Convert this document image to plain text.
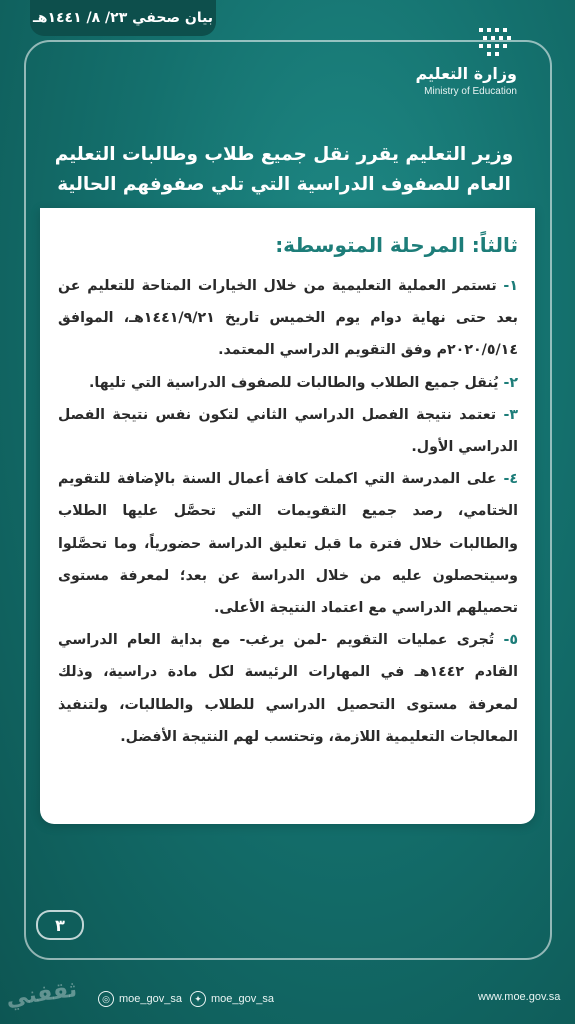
بيان صحفي ٢٣/ ٨/ ١٤٤١هـ
وزارة التعليم
Ministry of Education
وزير التعليم يقرر نقل جميع طلاب وطالبات التعليم
العام للصفوف الدراسية التي تلي صفوفهم الحالية
ثالثاً: المرحلة المتوسطة:
١- تستمر العملية التعليمية من خلال الخيارات المتاحة للتعليم عن بعد حتى نهاية دوام يوم الخميس تاريخ ١٤٤١/٩/٢١هـ، الموافق ٢٠٢٠/٥/١٤م وفق التقويم الدراسي المعتمد.
٢- يُنقل جميع الطلاب والطالبات للصفوف الدراسية التي تليها.
٣- تعتمد نتيجة الفصل الدراسي الثاني لتكون نفس نتيجة الفصل الدراسي الأول.
٤- على المدرسة التي اكملت كافة أعمال السنة بالإضافة للتقويم الختامي، رصد جميع التقويمات التي تحصَّل عليها الطلاب والطالبات خلال فترة ما قبل تعليق الدراسة حضورياً، وما تحصَّلوا وسيتحصلون عليه من خلال الدراسة عن بعد؛ لمعرفة مستوى تحصيلهم الدراسي مع اعتماد النتيجة الأعلى.
٥- تُجرى عمليات التقويم -لمن يرغب- مع بداية العام الدراسي القادم ١٤٤٢هـ في المهارات الرئيسة لكل مادة دراسية، وذلك لمعرفة مستوى التحصيل الدراسي للطلاب والطالبات، ولتنفيذ المعالجات التعليمية اللازمة، وتحتسب لهم النتيجة الأفضل.
٣
ثقفني	◎ moe_gov_sa	✦ moe_gov_sa	www.moe.gov.sa
